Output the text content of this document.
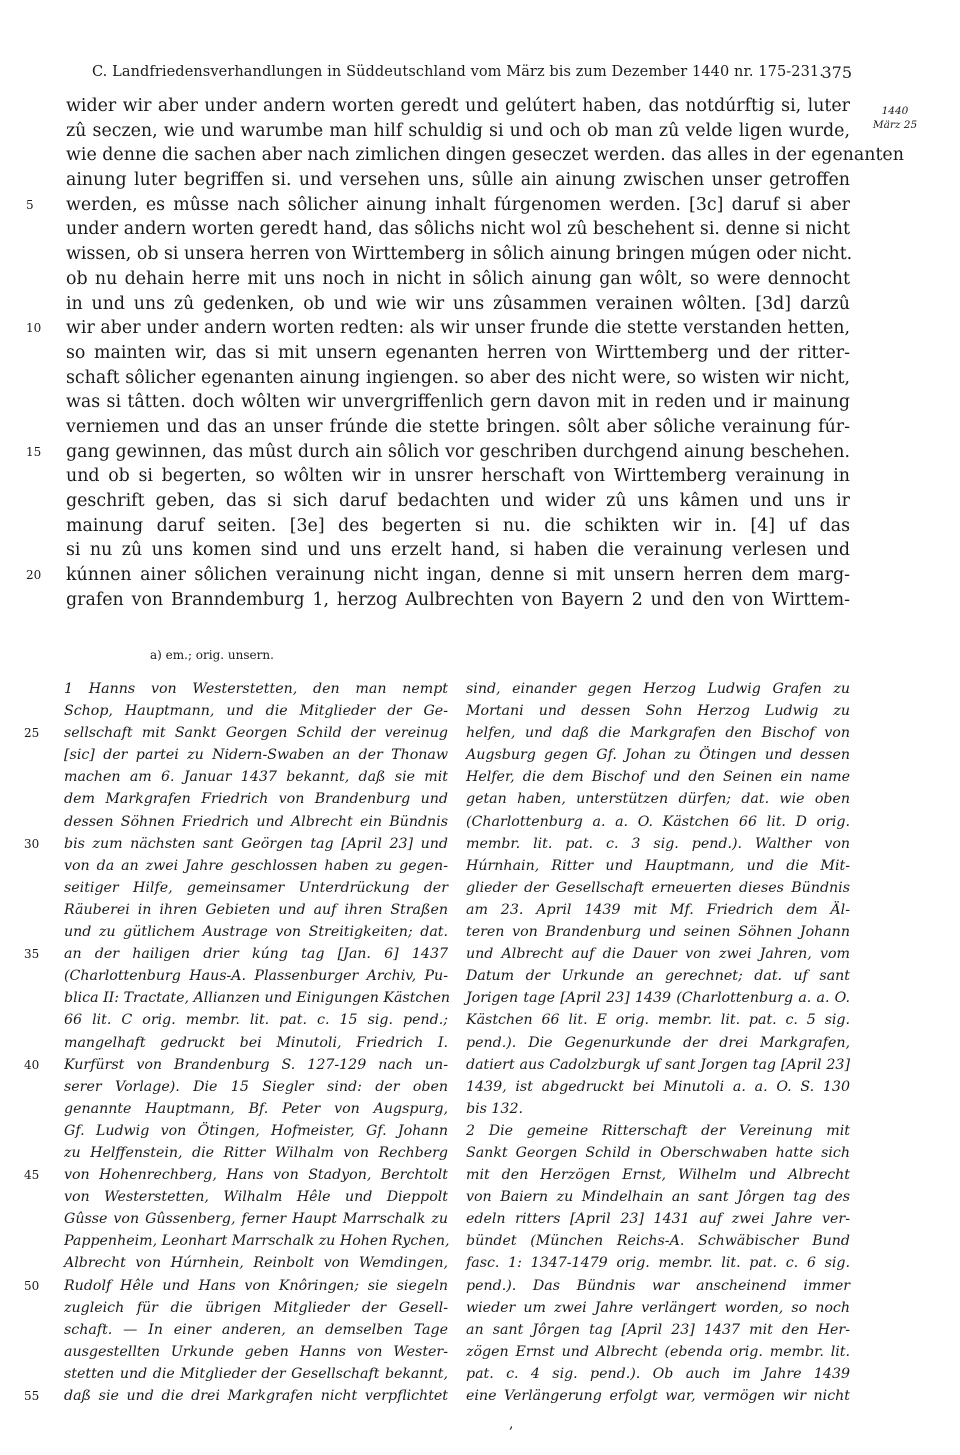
C. Landfriedensverhandlungen in Süddeutschland vom März bis zum Dezember 1440 nr. 175-231.
375
1440
März 25
wider wir aber under andern worten geredt und gelútert haben, das notdúrftig si, luter
zû seczen, wie und warumbe man hilf schuldig si und och ob man zû velde ligen wurde,
wie denne die sachen aber nach zimlichen dingen geseczet werden. das alles in der egenanten
ainung luter begriffen si. und versehen uns, sûlle ain ainung zwischen unser getroffen
5	werden, es mûsse nach sôlicher ainung inhalt fúrgenomen werden. [3c] daruf si aber
under andern worten geredt hand, das sôlichs nicht wol zû beschehent si. denne si nicht
wissen, ob si unsera herren von Wirttemberg in sôlich ainung bringen múgen oder nicht.
ob nu dehain herre mit uns noch in nicht in sôlich ainung gan wôlt, so were dennocht
in und uns zû gedenken, ob und wie wir uns zûsammen verainen wôlten. [3d] darzû
10	wir aber under andern worten redten: als wir unser frunde die stette verstanden hetten,
so mainten wir, das si mit unsern egenanten herren von Wirttemberg und der ritter-
schaft sôlicher egenanten ainung ingiengen. so aber des nicht were, so wisten wir nicht,
was si tâtten. doch wôlten wir unvergriffenlich gern davon mit in reden und ir mainung
verniemen und das an unser frúnde die stette bringen. sôlt aber sôliche verainung fúr-
15	gang gewinnen, das mûst durch ain sôlich vor geschriben durchgend ainung beschehen.
und ob si begerten, so wôlten wir in unsrer herschaft von Wirttemberg verainung in
geschrift geben, das si sich daruf bedachten und wider zû uns kâmen und uns ir
mainung daruf seiten. [3e] des begerten si nu. die schikten wir in. [4] uf das
si nu zû uns komen sind und uns erzelt hand, si haben die verainung verlesen und
20	kúnnen ainer sôlichen verainung nicht ingan, denne si mit unsern herren dem marg-
grafen von Branndemburg 1, herzog Aulbrechten von Bayern 2 und den von Wirttem-
a) em.; orig. unsern.
1 Hanns von Westerstetten, den man nempt
Schop, Hauptmann, und die Mitglieder der Ge-
25	sellschaft mit Sankt Georgen Schild der vereinug
[sic] der partei zu Nidern-Swaben an der Thonaw
machen am 6. Januar 1437 bekannt, daß sie mit
dem Markgrafen Friedrich von Brandenburg und
dessen Söhnen Friedrich und Albrecht ein Bündnis
30	bis zum nächsten sant Geörgen tag [April 23] und
von da an zwei Jahre geschlossen haben zu gegen-
seitiger Hilfe, gemeinsamer Unterdrückung der
Räuberei in ihren Gebieten und auf ihren Straßen
und zu gütlichem Austrage von Streitigkeiten; dat.
35	an der hailigen drier kúng tag [Jan. 6] 1437
(Charlottenburg Haus-A. Plassenburger Archiv, Pu-
blica II: Tractate, Allianzen und Einigungen Kästchen
66 lit. C orig. membr. lit. pat. c. 15 sig. pend.;
mangelhaft gedruckt bei Minutoli, Friedrich I.
40	Kurfürst von Brandenburg S. 127-129 nach un-
serer Vorlage). Die 15 Siegler sind: der oben
genannte Hauptmann, Bf. Peter von Augspurg,
Gf. Ludwig von Ötingen, Hofmeister, Gf. Johann
zu Helffenstein, die Ritter Wilhalm von Rechberg
45	von Hohenrechberg, Hans von Stadyon, Berchtolt
von Westerstetten, Wilhalm Hêle und Dieppolt
Gûsse von Gûssenberg, ferner Haupt Marrschalk zu
Pappenheim, Leonhart Marrschalk zu Hohen Rychen,
Albrecht von Húrnhein, Reinbolt von Wemdingen,
50	Rudolf Hêle und Hans von Knôringen; sie siegeln
zugleich für die übrigen Mitglieder der Gesell-
schaft. — In einer anderen, an demselben Tage
ausgestellten Urkunde geben Hanns von Wester-
stetten und die Mitglieder der Gesellschaft bekannt,
55	daß sie und die drei Markgrafen nicht verpflichtet
sind, einander gegen Herzog Ludwig Grafen zu
Mortani und dessen Sohn Herzog Ludwig zu
helfen, und daß die Markgrafen den Bischof von
Augsburg gegen Gf. Johan zu Ötingen und dessen
Helfer, die dem Bischof und den Seinen ein name
getan haben, unterstützen dürfen; dat. wie oben
(Charlottenburg a. a. O. Kästchen 66 lit. D orig.
membr. lit. pat. c. 3 sig. pend.). Walther von
Húrnhain, Ritter und Hauptmann, und die Mit-
glieder der Gesellschaft erneuerten dieses Bündnis
am 23. April 1439 mit Mf. Friedrich dem Äl-
teren von Brandenburg und seinen Söhnen Johann
und Albrecht auf die Dauer von zwei Jahren, vom
Datum der Urkunde an gerechnet; dat. uf sant
Jorigen tage [April 23] 1439 (Charlottenburg a. a. O.
Kästchen 66 lit. E orig. membr. lit. pat. c. 5 sig.
pend.). Die Gegenurkunde der drei Markgrafen,
datiert aus Cadolzburgk uf sant Jorgen tag [April 23]
1439, ist abgedruckt bei Minutoli a. a. O. S. 130
bis 132.
2 Die gemeine Ritterschaft der Vereinung mit
Sankt Georgen Schild in Oberschwaben hatte sich
mit den Herzögen Ernst, Wilhelm und Albrecht
von Baiern zu Mindelhain an sant Jôrgen tag des
edeln ritters [April 23] 1431 auf zwei Jahre ver-
bündet (München Reichs-A. Schwäbischer Bund
fasc. 1: 1347-1479 orig. membr. lit. pat. c. 6 sig.
pend.). Das Bündnis war anscheinend immer
wieder um zwei Jahre verlängert worden, so noch
an sant Jôrgen tag [April 23] 1437 mit den Her-
zögen Ernst und Albrecht (ebenda orig. membr. lit.
pat. c. 4 sig. pend.). Ob auch im Jahre 1439
eine Verlängerung erfolgt war, vermögen wir nicht
,
